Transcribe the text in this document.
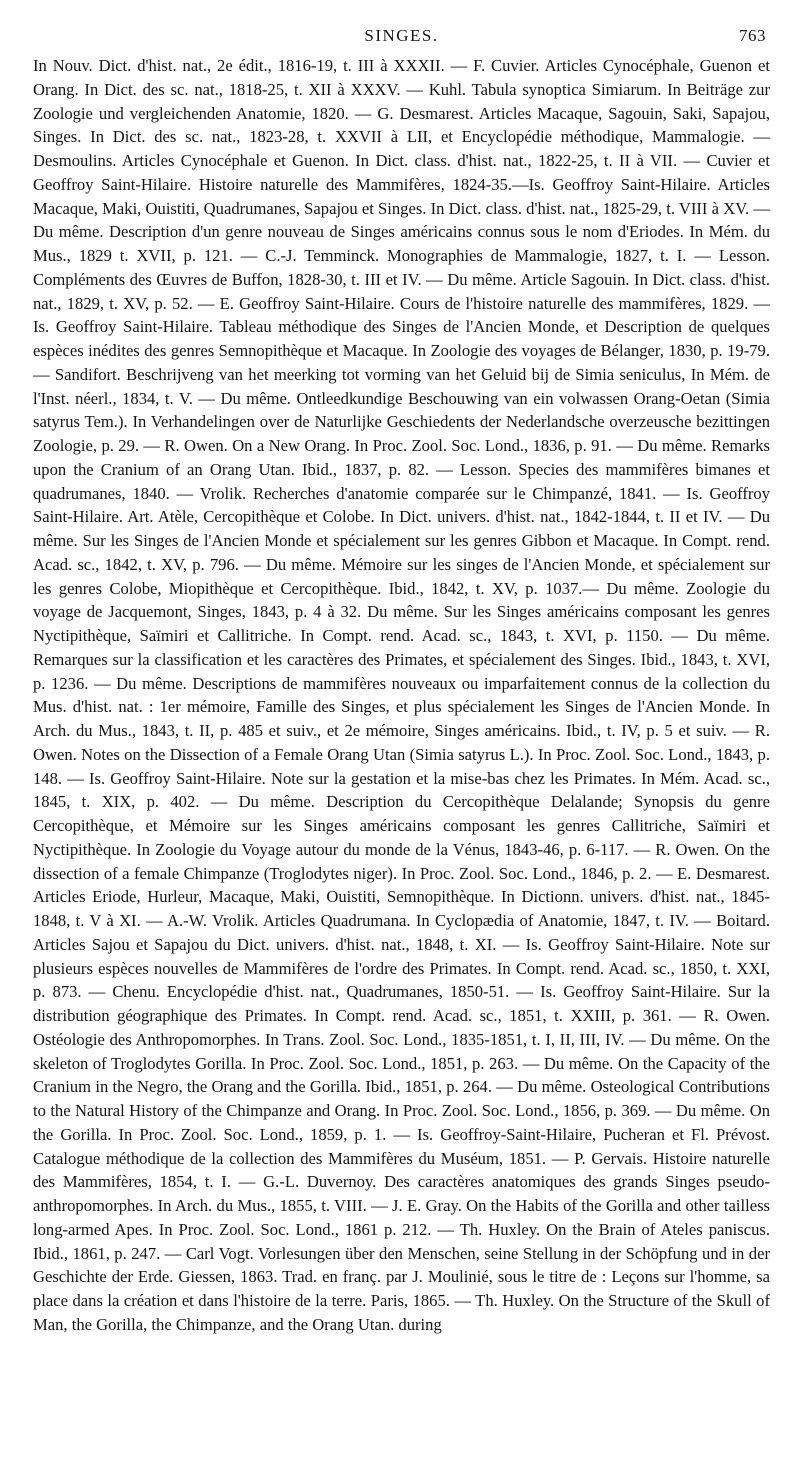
SINGES.	763

In Nouv. Dict. d'hist. nat., 2e édit., 1816-19, t. III à XXXII. — F. Cuvier. Articles Cynocéphale, Guenon et Orang. In Dict. des sc. nat., 1818-25, t. XII à XXXV. — Kuhl. Tabula synoptica Simiarum. In Beiträge zur Zoologie und vergleichenden Anatomie, 1820. — G. Desmarest. Articles Macaque, Sagouin, Saki, Sapajou, Singes. In Dict. des sc. nat., 1823-28, t. XXVII à LII, et Encyclopédie méthodique, Mammalogie. — Desmoulins. Articles Cynocéphale et Guenon. In Dict. class. d'hist. nat., 1822-25, t. II à VII. — Cuvier et Geoffroy Saint-Hilaire. Histoire naturelle des Mammifères, 1824-35.—Is. Geoffroy Saint-Hilaire. Articles Macaque, Maki, Ouistiti, Quadrumanes, Sapajou et Singes. In Dict. class. d'hist. nat., 1825-29, t. VIII à XV. — Du même. Description d'un genre nouveau de Singes américains connus sous le nom d'Eriodes. In Mém. du Mus., 1829 t. XVII, p. 121. — C.-J. Temminck. Monographies de Mammalogie, 1827, t. I. — Lesson. Compléments des Œuvres de Buffon, 1828-30, t. III et IV. — Du même. Article Sagouin. In Dict. class. d'hist. nat., 1829, t. XV, p. 52. — E. Geoffroy Saint-Hilaire. Cours de l'histoire naturelle des mammifères, 1829. — Is. Geoffroy Saint-Hilaire. Tableau méthodique des Singes de l'Ancien Monde, et Description de quelques espèces inédites des genres Semnopithèque et Macaque. In Zoologie des voyages de Bélanger, 1830, p. 19-79. — Sandifort. Beschrijveng van het meerking tot vorming van het Geluid bij de Simia seniculus, In Mém. de l'Inst. néerl., 1834, t. V. — Du même. Ontleedkundige Beschouwing van ein volwassen Orang-Oetan (Simia satyrus Tem.). In Verhandelingen over de Naturlijke Geschiedents der Nederlandsche overzeusche bezittingen Zoologie, p. 29. — R. Owen. On a New Orang. In Proc. Zool. Soc. Lond., 1836, p. 91. — Du même. Remarks upon the Cranium of an Orang Utan. Ibid., 1837, p. 82. — Lesson. Species des mammifères bimanes et quadrumanes, 1840. — Vrolik. Recherches d'anatomie comparée sur le Chimpanzé, 1841. — Is. Geoffroy Saint-Hilaire. Art. Atèle, Cercopithèque et Colobe. In Dict. univers. d'hist. nat., 1842-1844, t. II et IV. — Du même. Sur les Singes de l'Ancien Monde et spécialement sur les genres Gibbon et Macaque. In Compt. rend. Acad. sc., 1842, t. XV, p. 796. — Du même. Mémoire sur les singes de l'Ancien Monde, et spécialement sur les genres Colobe, Miopithèque et Cercopithèque. Ibid., 1842, t. XV, p. 1037.— Du même. Zoologie du voyage de Jacquemont, Singes, 1843, p. 4 à 32. Du même. Sur les Singes américains composant les genres Nyctipithèque, Saïmiri et Callitriche. In Compt. rend. Acad. sc., 1843, t. XVI, p. 1150. — Du même. Remarques sur la classification et les caractères des Primates, et spécialement des Singes. Ibid., 1843, t. XVI, p. 1236. — Du même. Descriptions de mammifères nouveaux ou imparfaitement connus de la collection du Mus. d'hist. nat. : 1er mémoire, Famille des Singes, et plus spécialement les Singes de l'Ancien Monde. In Arch. du Mus., 1843, t. II, p. 485 et suiv., et 2e mémoire, Singes américains. Ibid., t. IV, p. 5 et suiv. — R. Owen. Notes on the Dissection of a Female Orang Utan (Simia satyrus L.). In Proc. Zool. Soc. Lond., 1843, p. 148. — Is. Geoffroy Saint-Hilaire. Note sur la gestation et la mise-bas chez les Primates. In Mém. Acad. sc., 1845, t. XIX, p. 402. — Du même. Description du Cercopithèque Delalande; Synopsis du genre Cercopithèque, et Mémoire sur les Singes américains composant les genres Callitriche, Saïmiri et Nyctipithèque. In Zoologie du Voyage autour du monde de la Vénus, 1843-46, p. 6-117. — R. Owen. On the dissection of a female Chimpanze (Troglodytes niger). In Proc. Zool. Soc. Lond., 1846, p. 2. — E. Desmarest. Articles Eriode, Hurleur, Macaque, Maki, Ouistiti, Semnopithèque. In Dictionn. univers. d'hist. nat., 1845-1848, t. V à XI. — A.-W. Vrolik. Articles Quadrumana. In Cyclopædia of Anatomie, 1847, t. IV. — Boitard. Articles Sajou et Sapajou du Dict. univers. d'hist. nat., 1848, t. XI. — Is. Geoffroy Saint-Hilaire. Note sur plusieurs espèces nouvelles de Mammifères de l'ordre des Primates. In Compt. rend. Acad. sc., 1850, t. XXI, p. 873. — Chenu. Encyclopédie d'hist. nat., Quadrumanes, 1850-51. — Is. Geoffroy Saint-Hilaire. Sur la distribution géographique des Primates. In Compt. rend. Acad. sc., 1851, t. XXIII, p. 361. — R. Owen. Ostéologie des Anthropomorphes. In Trans. Zool. Soc. Lond., 1835-1851, t. I, II, III, IV. — Du même. On the skeleton of Troglodytes Gorilla. In Proc. Zool. Soc. Lond., 1851, p. 263. — Du même. On the Capacity of the Cranium in the Negro, the Orang and the Gorilla. Ibid., 1851, p. 264. — Du même. Osteological Contributions to the Natural History of the Chimpanze and Orang. In Proc. Zool. Soc. Lond., 1856, p. 369. — Du même. On the Gorilla. In Proc. Zool. Soc. Lond., 1859, p. 1. — Is. Geoffroy-Saint-Hilaire, Pucheran et Fl. Prévost. Catalogue méthodique de la collection des Mammifères du Muséum, 1851. — P. Gervais. Histoire naturelle des Mammifères, 1854, t. I. — G.-L. Duvernoy. Des caractères anatomiques des grands Singes pseudo-anthropomorphes. In Arch. du Mus., 1855, t. VIII. — J. E. Gray. On the Habits of the Gorilla and other tailless long-armed Apes. In Proc. Zool. Soc. Lond., 1861 p. 212. — Th. Huxley. On the Brain of Ateles paniscus. Ibid., 1861, p. 247. — Carl Vogt. Vorlesungen über den Menschen, seine Stellung in der Schöpfung und in der Geschichte der Erde. Giessen, 1863. Trad. en franç. par J. Moulinié, sous le titre de : Leçons sur l'homme, sa place dans la création et dans l'histoire de la terre. Paris, 1865. — Th. Huxley. On the Structure of the Skull of Man, the Gorilla, the Chimpanze, and the Orang Utan. during
